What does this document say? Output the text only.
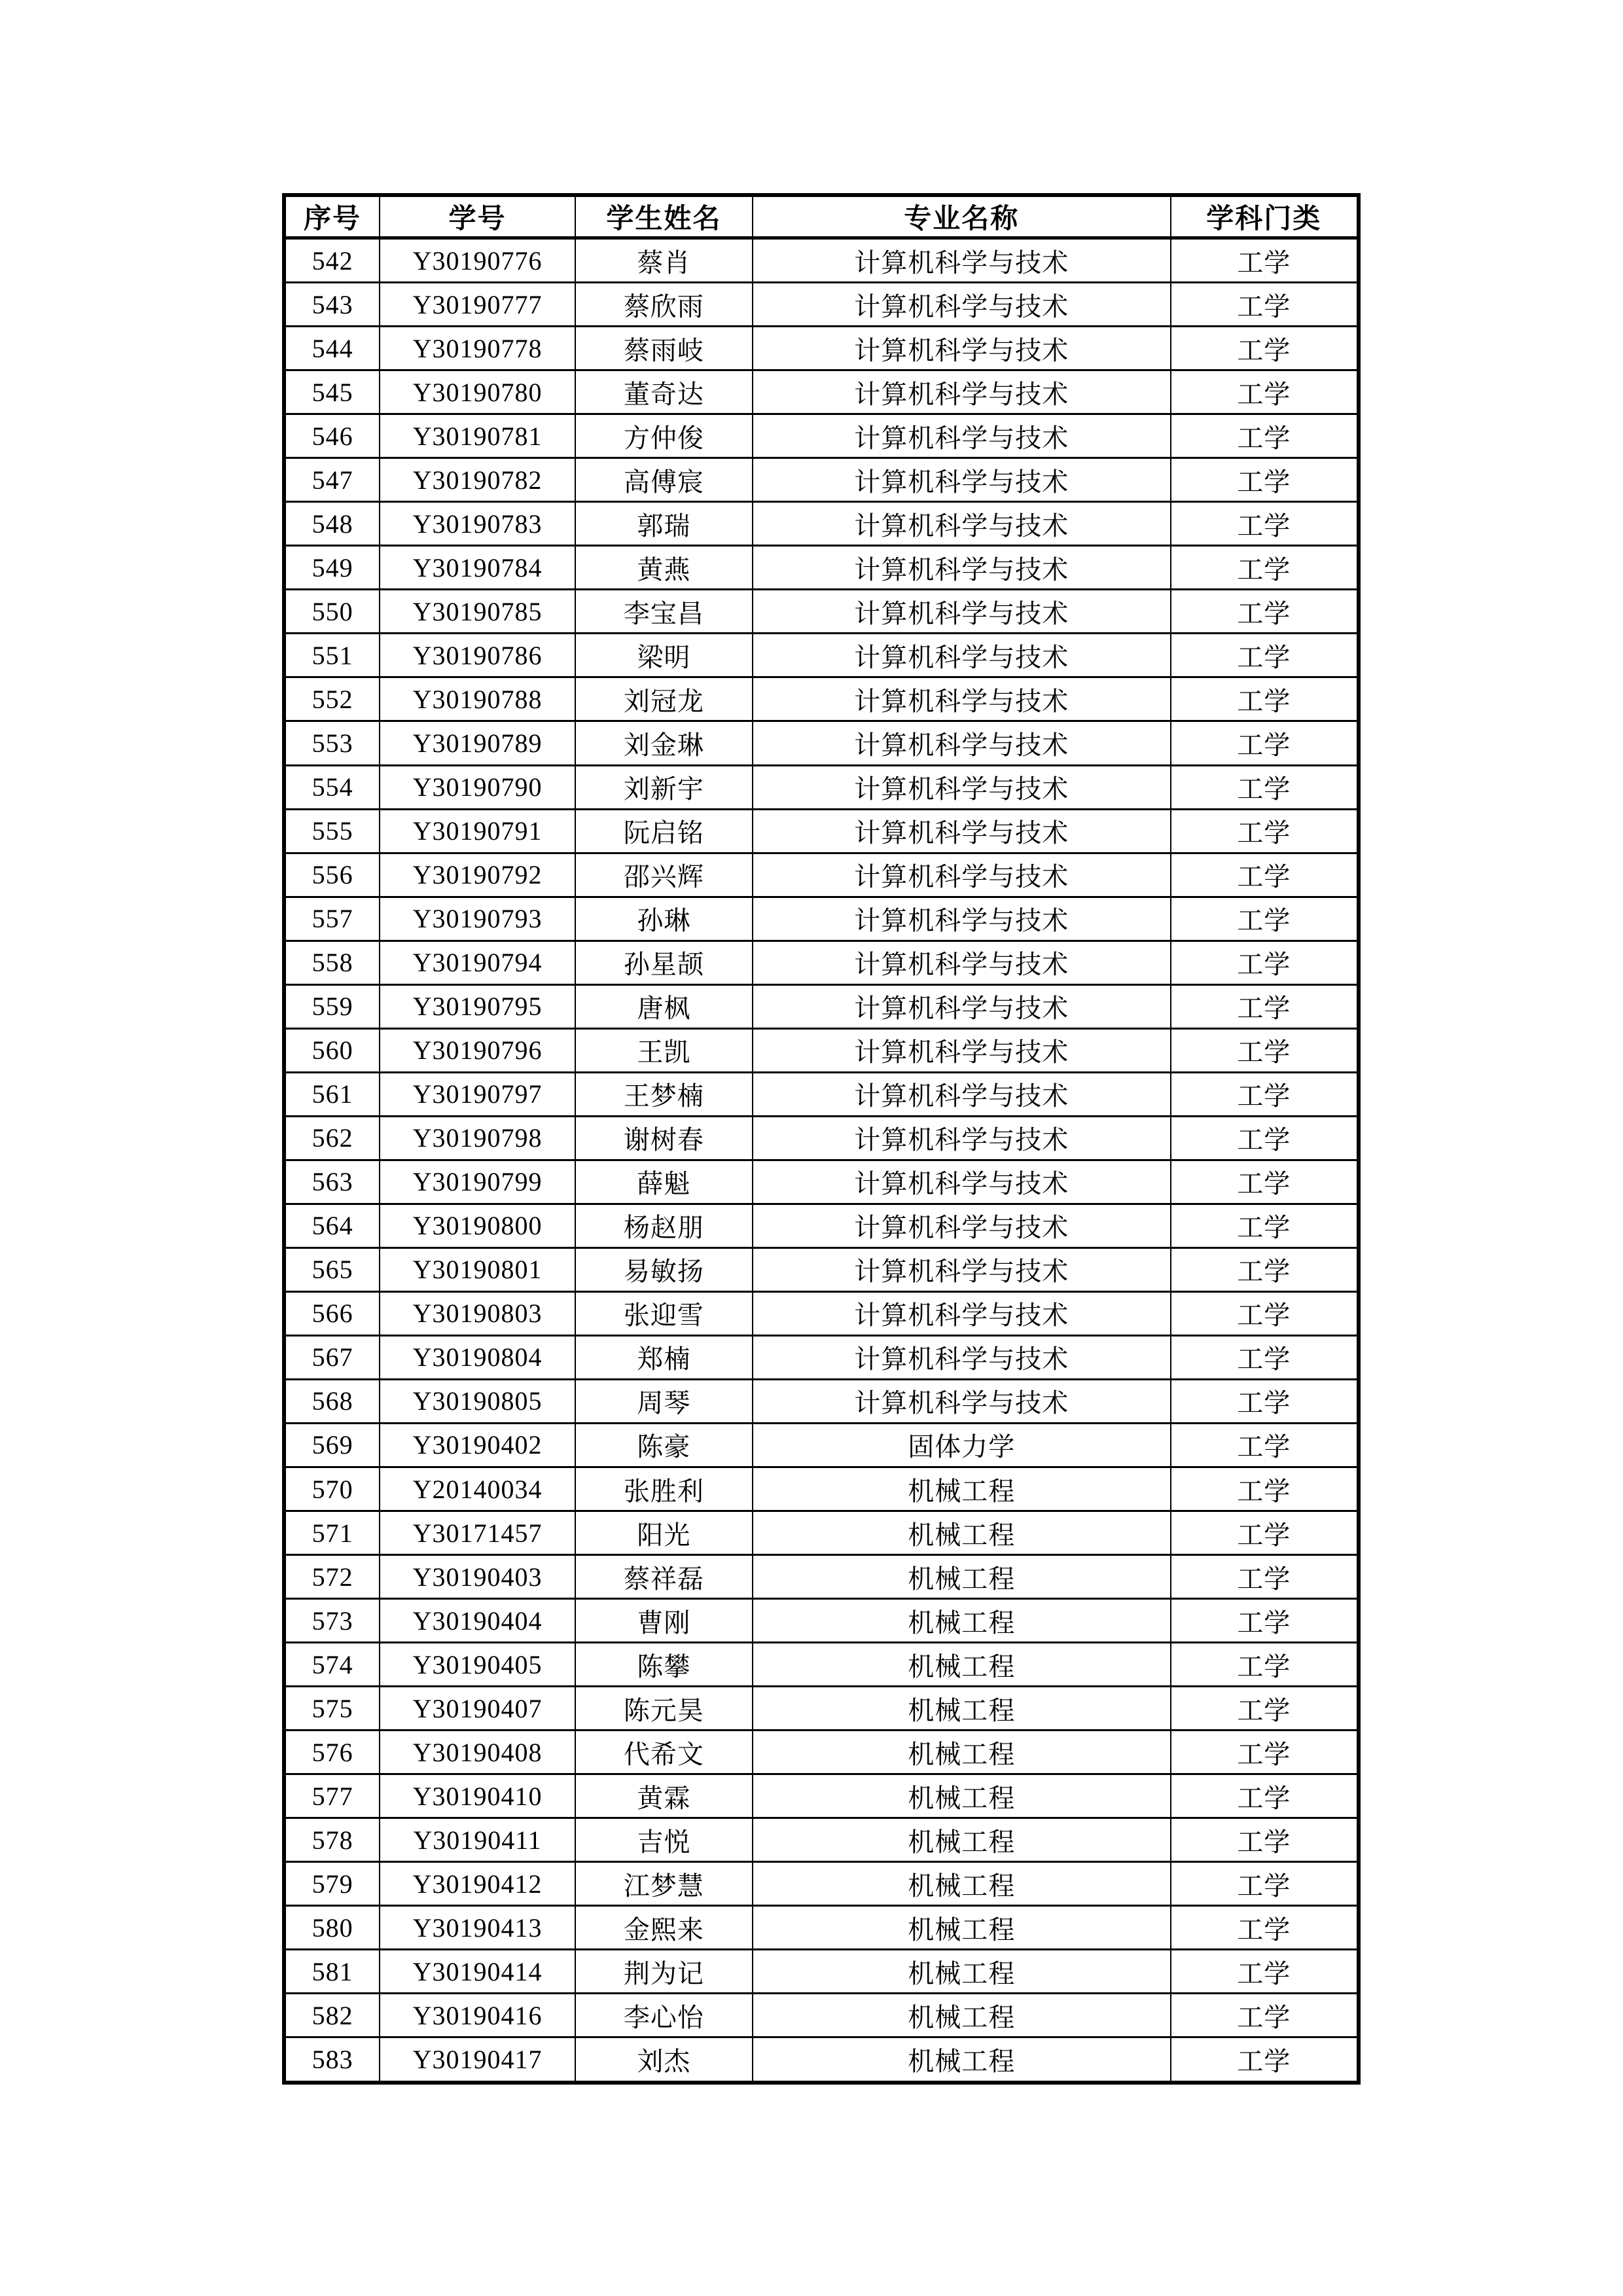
序号	学号	学生姓名	专业名称	学科门类
542	Y30190776	蔡肖	计算机科学与技术	工学
543	Y30190777	蔡欣雨	计算机科学与技术	工学
544	Y30190778	蔡雨岐	计算机科学与技术	工学
545	Y30190780	董奇达	计算机科学与技术	工学
546	Y30190781	方仲俊	计算机科学与技术	工学
547	Y30190782	高傅宸	计算机科学与技术	工学
548	Y30190783	郭瑞	计算机科学与技术	工学
549	Y30190784	黄燕	计算机科学与技术	工学
550	Y30190785	李宝昌	计算机科学与技术	工学
551	Y30190786	梁明	计算机科学与技术	工学
552	Y30190788	刘冠龙	计算机科学与技术	工学
553	Y30190789	刘金琳	计算机科学与技术	工学
554	Y30190790	刘新宇	计算机科学与技术	工学
555	Y30190791	阮启铭	计算机科学与技术	工学
556	Y30190792	邵兴辉	计算机科学与技术	工学
557	Y30190793	孙琳	计算机科学与技术	工学
558	Y30190794	孙星颉	计算机科学与技术	工学
559	Y30190795	唐枫	计算机科学与技术	工学
560	Y30190796	王凯	计算机科学与技术	工学
561	Y30190797	王梦楠	计算机科学与技术	工学
562	Y30190798	谢树春	计算机科学与技术	工学
563	Y30190799	薛魁	计算机科学与技术	工学
564	Y30190800	杨赵朋	计算机科学与技术	工学
565	Y30190801	易敏扬	计算机科学与技术	工学
566	Y30190803	张迎雪	计算机科学与技术	工学
567	Y30190804	郑楠	计算机科学与技术	工学
568	Y30190805	周琴	计算机科学与技术	工学
569	Y30190402	陈豪	固体力学	工学
570	Y20140034	张胜利	机械工程	工学
571	Y30171457	阳光	机械工程	工学
572	Y30190403	蔡祥磊	机械工程	工学
573	Y30190404	曹刚	机械工程	工学
574	Y30190405	陈攀	机械工程	工学
575	Y30190407	陈元昊	机械工程	工学
576	Y30190408	代希文	机械工程	工学
577	Y30190410	黄霖	机械工程	工学
578	Y30190411	吉悦	机械工程	工学
579	Y30190412	江梦慧	机械工程	工学
580	Y30190413	金熙来	机械工程	工学
581	Y30190414	荆为记	机械工程	工学
582	Y30190416	李心怡	机械工程	工学
583	Y30190417	刘杰	机械工程	工学
